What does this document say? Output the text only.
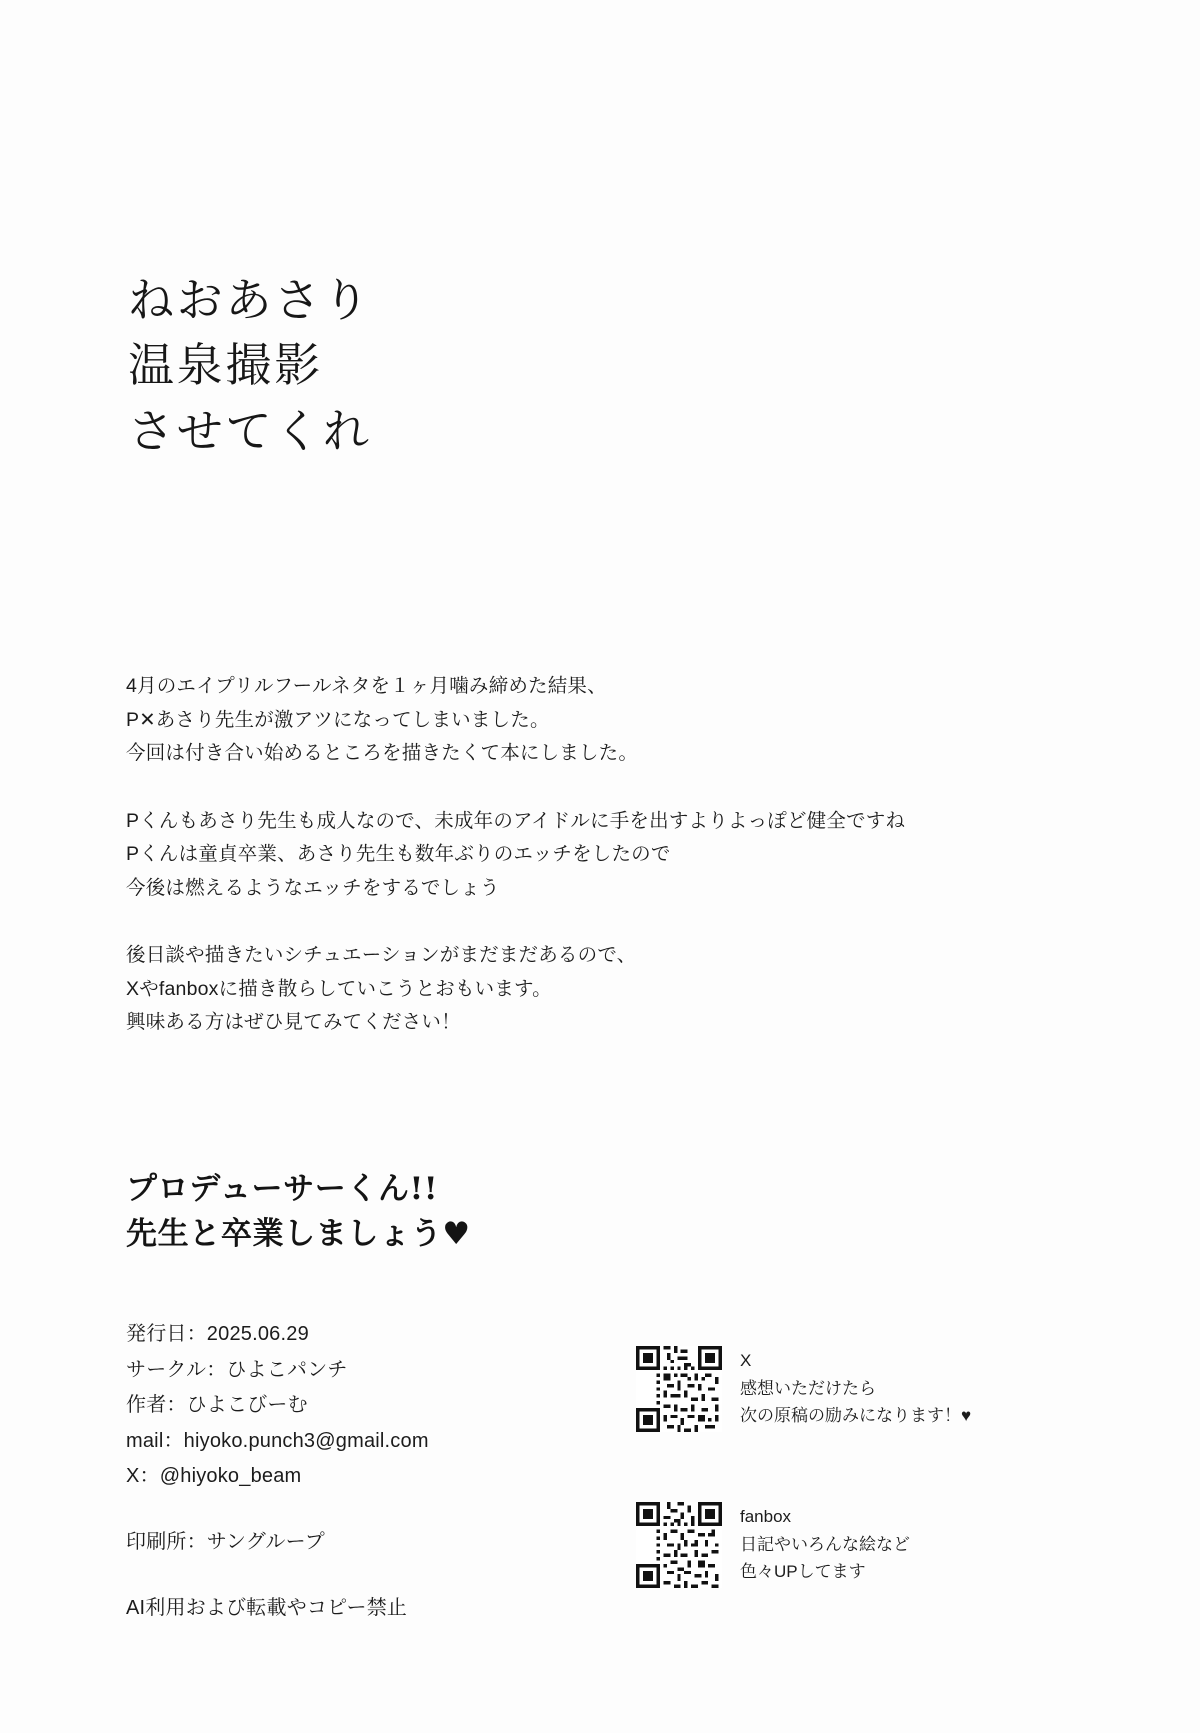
ねおあさり
温泉撮影
させてくれ

4月のエイプリルフールネタを１ヶ月噛み締めた結果、
P✕あさり先生が激アツになってしまいました。
今回は付き合い始めるところを描きたくて本にしました。

Pくんもあさり先生も成人なので、未成年のアイドルに手を出すよりよっぽど健全ですね
Pくんは童貞卒業、あさり先生も数年ぶりのエッチをしたので
今後は燃えるようなエッチをするでしょう

後日談や描きたいシチュエーションがまだまだあるので、
Xやfanboxに描き散らしていこうとおもいます。
興味ある方はぜひ見てみてください！

プロデューサーくん!!
先生と卒業しましょう♥
発行日：2025.06.29
サークル：ひよこパンチ
作者：ひよこびーむ
mail：hiyoko.punch3@gmail.com
X：@hiyoko_beam
印刷所：サングループ
AI利用および転載やコピー禁止
X
感想いただけたら
次の原稿の励みになります！♥
fanbox
日記やいろんな絵など
色々UPしてます
